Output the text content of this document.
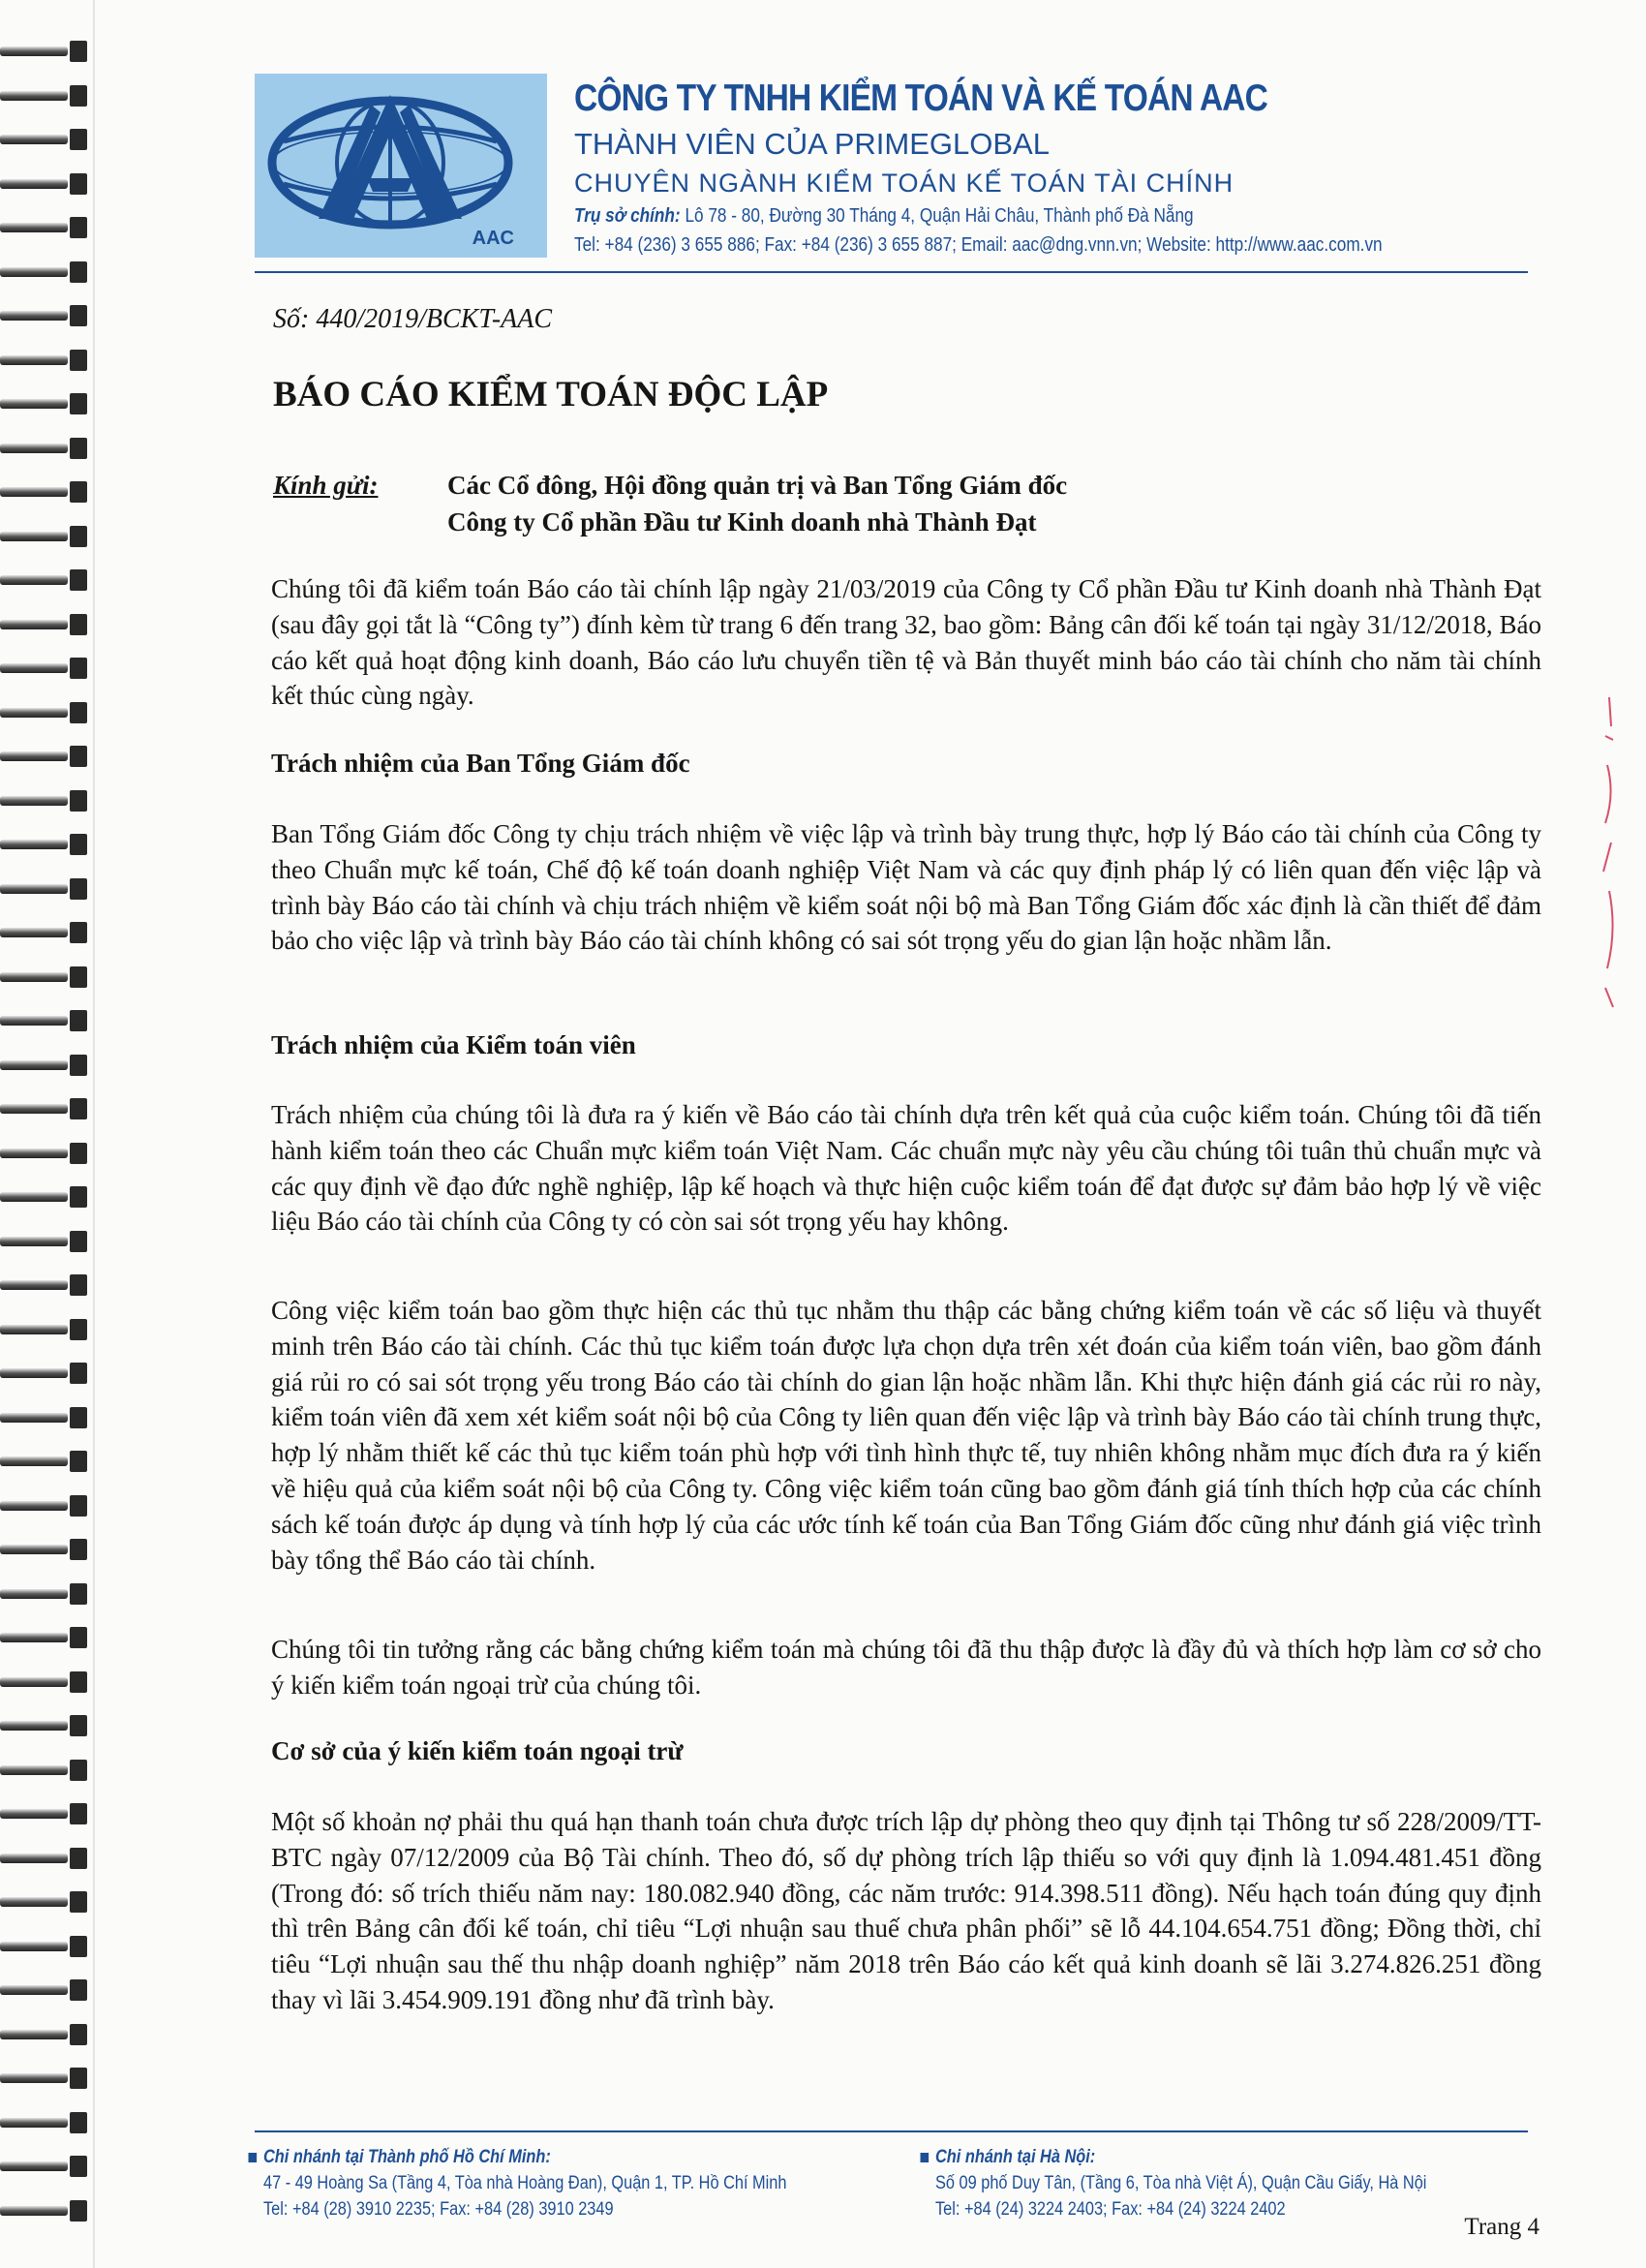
AAC
CÔNG TY TNHH KIỂM TOÁN VÀ KẾ TOÁN AAC
THÀNH VIÊN CỦA PRIMEGLOBAL
CHUYÊN NGÀNH KIỂM TOÁN KẾ TOÁN TÀI CHÍNH
Trụ sở chính: Lô 78 - 80, Đường 30 Tháng 4, Quận Hải Châu, Thành phố Đà Nẵng
Tel: +84 (236) 3 655 886; Fax: +84 (236) 3 655 887; Email: aac@dng.vnn.vn; Website: http://www.aac.com.vn
Số: 440/2019/BCKT-AAC
BÁO CÁO KIỂM TOÁN ĐỘC LẬP
Kính gửi:	Các Cổ đông, Hội đồng quản trị và Ban Tổng Giám đốc
Công ty Cổ phần Đầu tư Kinh doanh nhà Thành Đạt
Chúng tôi đã kiểm toán Báo cáo tài chính lập ngày 21/03/2019 của Công ty Cổ phần Đầu tư Kinh doanh nhà Thành Đạt (sau đây gọi tắt là “Công ty”) đính kèm từ trang 6 đến trang 32, bao gồm: Bảng cân đối kế toán tại ngày 31/12/2018, Báo cáo kết quả hoạt động kinh doanh, Báo cáo lưu chuyển tiền tệ và Bản thuyết minh báo cáo tài chính cho năm tài chính kết thúc cùng ngày.
Trách nhiệm của Ban Tổng Giám đốc
Ban Tổng Giám đốc Công ty chịu trách nhiệm về việc lập và trình bày trung thực, hợp lý Báo cáo tài chính của Công ty theo Chuẩn mực kế toán, Chế độ kế toán doanh nghiệp Việt Nam và các quy định pháp lý có liên quan đến việc lập và trình bày Báo cáo tài chính và chịu trách nhiệm về kiểm soát nội bộ mà Ban Tổng Giám đốc xác định là cần thiết để đảm bảo cho việc lập và trình bày Báo cáo tài chính không có sai sót trọng yếu do gian lận hoặc nhầm lẫn.
Trách nhiệm của Kiểm toán viên
Trách nhiệm của chúng tôi là đưa ra ý kiến về Báo cáo tài chính dựa trên kết quả của cuộc kiểm toán. Chúng tôi đã tiến hành kiểm toán theo các Chuẩn mực kiểm toán Việt Nam. Các chuẩn mực này yêu cầu chúng tôi tuân thủ chuẩn mực và các quy định về đạo đức nghề nghiệp, lập kế hoạch và thực hiện cuộc kiểm toán để đạt được sự đảm bảo hợp lý về việc liệu Báo cáo tài chính của Công ty có còn sai sót trọng yếu hay không.
Công việc kiểm toán bao gồm thực hiện các thủ tục nhằm thu thập các bằng chứng kiểm toán về các số liệu và thuyết minh trên Báo cáo tài chính. Các thủ tục kiểm toán được lựa chọn dựa trên xét đoán của kiểm toán viên, bao gồm đánh giá rủi ro có sai sót trọng yếu trong Báo cáo tài chính do gian lận hoặc nhầm lẫn. Khi thực hiện đánh giá các rủi ro này, kiểm toán viên đã xem xét kiểm soát nội bộ của Công ty liên quan đến việc lập và trình bày Báo cáo tài chính trung thực, hợp lý nhằm thiết kế các thủ tục kiểm toán phù hợp với tình hình thực tế, tuy nhiên không nhằm mục đích đưa ra ý kiến về hiệu quả của kiểm soát nội bộ của Công ty. Công việc kiểm toán cũng bao gồm đánh giá tính thích hợp của các chính sách kế toán được áp dụng và tính hợp lý của các ước tính kế toán của Ban Tổng Giám đốc cũng như đánh giá việc trình bày tổng thể Báo cáo tài chính.
Chúng tôi tin tưởng rằng các bằng chứng kiểm toán mà chúng tôi đã thu thập được là đầy đủ và thích hợp làm cơ sở cho ý kiến kiểm toán ngoại trừ của chúng tôi.
Cơ sở của ý kiến kiểm toán ngoại trừ
Một số khoản nợ phải thu quá hạn thanh toán chưa được trích lập dự phòng theo quy định tại Thông tư số 228/2009/TT-BTC ngày 07/12/2009 của Bộ Tài chính. Theo đó, số dự phòng trích lập thiếu so với quy định là 1.094.481.451 đồng (Trong đó: số trích thiếu năm nay: 180.082.940 đồng, các năm trước: 914.398.511 đồng). Nếu hạch toán đúng quy định thì trên Bảng cân đối kế toán, chỉ tiêu “Lợi nhuận sau thuế chưa phân phối” sẽ lỗ 44.104.654.751 đồng; Đồng thời, chỉ tiêu “Lợi nhuận sau thế thu nhập doanh nghiệp” năm 2018 trên Báo cáo kết quả kinh doanh sẽ lãi 3.274.826.251 đồng thay vì lãi 3.454.909.191 đồng như đã trình bày.
Chi nhánh tại Thành phố Hồ Chí Minh:
47 - 49 Hoàng Sa (Tầng 4, Tòa nhà Hoàng Đan), Quận 1, TP. Hồ Chí Minh
Tel: +84 (28) 3910 2235; Fax: +84 (28) 3910 2349
Chi nhánh tại Hà Nội:
Số 09 phố Duy Tân, (Tầng 6, Tòa nhà Việt Á), Quận Cầu Giấy, Hà Nội
Tel: +84 (24) 3224 2403; Fax: +84 (24) 3224 2402
Trang 4
